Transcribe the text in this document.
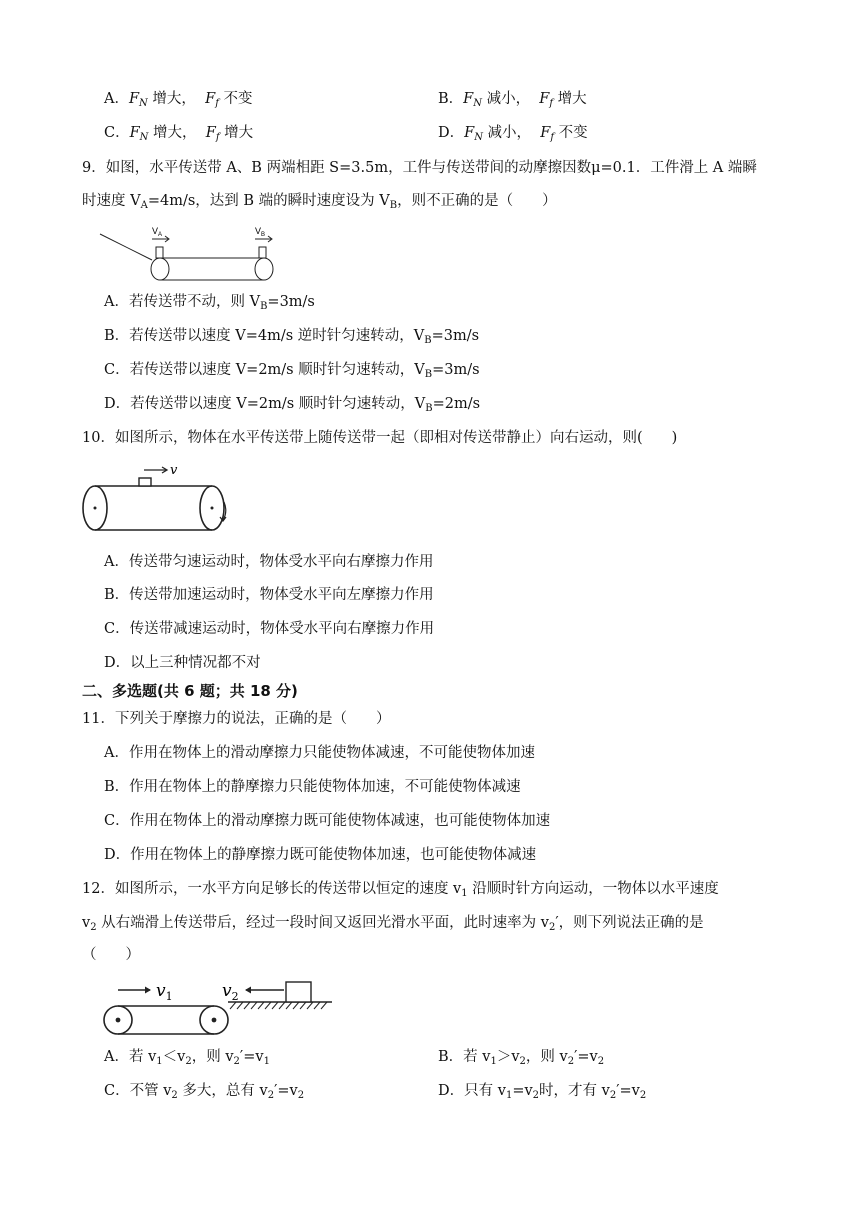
A．$F_N$ 增大， $F_f$ 不变	B．$F_N$ 减小， $F_f$ 增大
C．$F_N$ 增大， $F_f$ 增大	D．$F_N$ 减小， $F_f$ 不变
9．如图，水平传送带 A、B 两端相距 S=3.5m，工件与传送带间的动摩擦因数μ=0.1．工件滑上 A 端瞬
时速度 $V_A=4m/s$，达到 B 端的瞬时速度设为 $V_B$，则不正确的是（　　）
$V_A$	$V_B$
A．若传送带不动，则 $V_B=3m/s$
B．若传送带以速度 V=4m/s 逆时针匀速转动，$V_B=3m/s$
C．若传送带以速度 V=2m/s 顺时针匀速转动，$V_B=3m/s$
D．若传送带以速度 V=2m/s 顺时针匀速转动，$V_B=2m/s$
10．如图所示，物体在水平传送带上随传送带一起（即相对传送带静止）向右运动，则(　　)
v
A．传送带匀速运动时，物体受水平向右摩擦力作用
B．传送带加速运动时，物体受水平向左摩擦力作用
C．传送带减速运动时，物体受水平向右摩擦力作用
D．以上三种情况都不对
二、多选题(共 6 题；共 18 分)
11．下列关于摩擦力的说法，正确的是（　　）
A．作用在物体上的滑动摩擦力只能使物体减速，不可能使物体加速
B．作用在物体上的静摩擦力只能使物体加速，不可能使物体减速
C．作用在物体上的滑动摩擦力既可能使物体减速，也可能使物体加速
D．作用在物体上的静摩擦力既可能使物体加速，也可能使物体减速
12．如图所示，一水平方向足够长的传送带以恒定的速度 $v_1$ 沿顺时针方向运动，一物体以水平速度
$v_2$ 从右端滑上传送带后，经过一段时间又返回光滑水平面，此时速率为 $v_2'$，则下列说法正确的是
（　　）
$v_1$	$v_2$
A．若 $v_1<v_2$，则 $v_2'=v_1$	B．若 $v_1>v_2$，则 $v_2'=v_2$
C．不管 $v_2$ 多大，总有 $v_2'=v_2$	D．只有 $v_1=v_2$时，才有 $v_2'=v_2$
